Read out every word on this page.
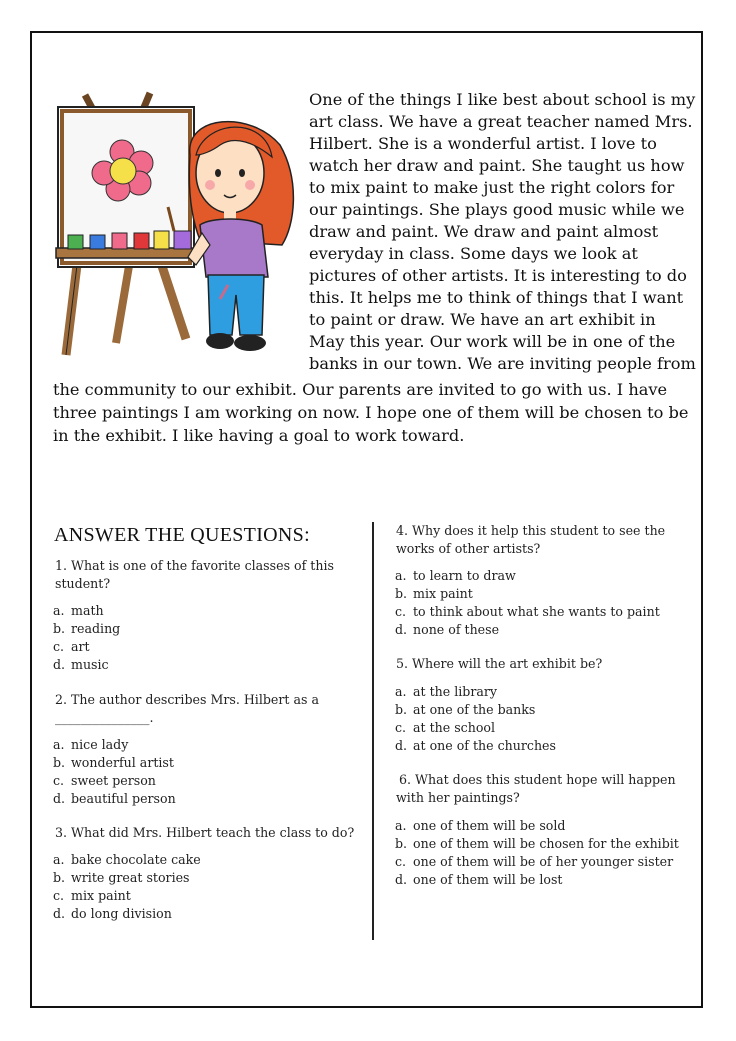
One of the things I like best about school is my
art class. We have a great teacher named Mrs.
Hilbert. She is a wonderful artist. I love to
watch her draw and paint. She taught us how
to mix paint to make just the right colors for
our paintings. She plays good music while we
draw and paint. We draw and paint almost
everyday in class. Some days we look at
pictures of other artists. It is interesting to do
this. It helps me to think of things that I want
to paint or draw. We have an art exhibit in
May this year. Our work will be in one of the
banks in our town. We are inviting people from
the community to our exhibit. Our parents are invited to go with us. I have
three paintings I am working on now. I hope one of them will be chosen to be
in the exhibit. I like having a goal to work toward.
ANSWER THE QUESTIONS:
1. What is one of the favorite classes of this
student?
a. math
b. reading
c. art
d. music
2. The author describes Mrs. Hilbert as a
_______________.
a. nice lady
b. wonderful artist
c. sweet person
d. beautiful person
3. What did Mrs. Hilbert teach the class to do?
a. bake chocolate cake
b. write great stories
c. mix paint
d. do long division
4. Why does it help this student to see the
works of other artists?
a. to learn to draw
b. mix paint
c. to think about what she wants to paint
d. none of these
5. Where will the art exhibit be?
a. at the library
b. at one of the banks
c. at the school
d. at one of the churches
6. What does this student hope will happen
with her paintings?
a. one of them will be sold
b. one of them will be chosen for the exhibit
c. one of them will be of her younger sister
d. one of them will be lost
